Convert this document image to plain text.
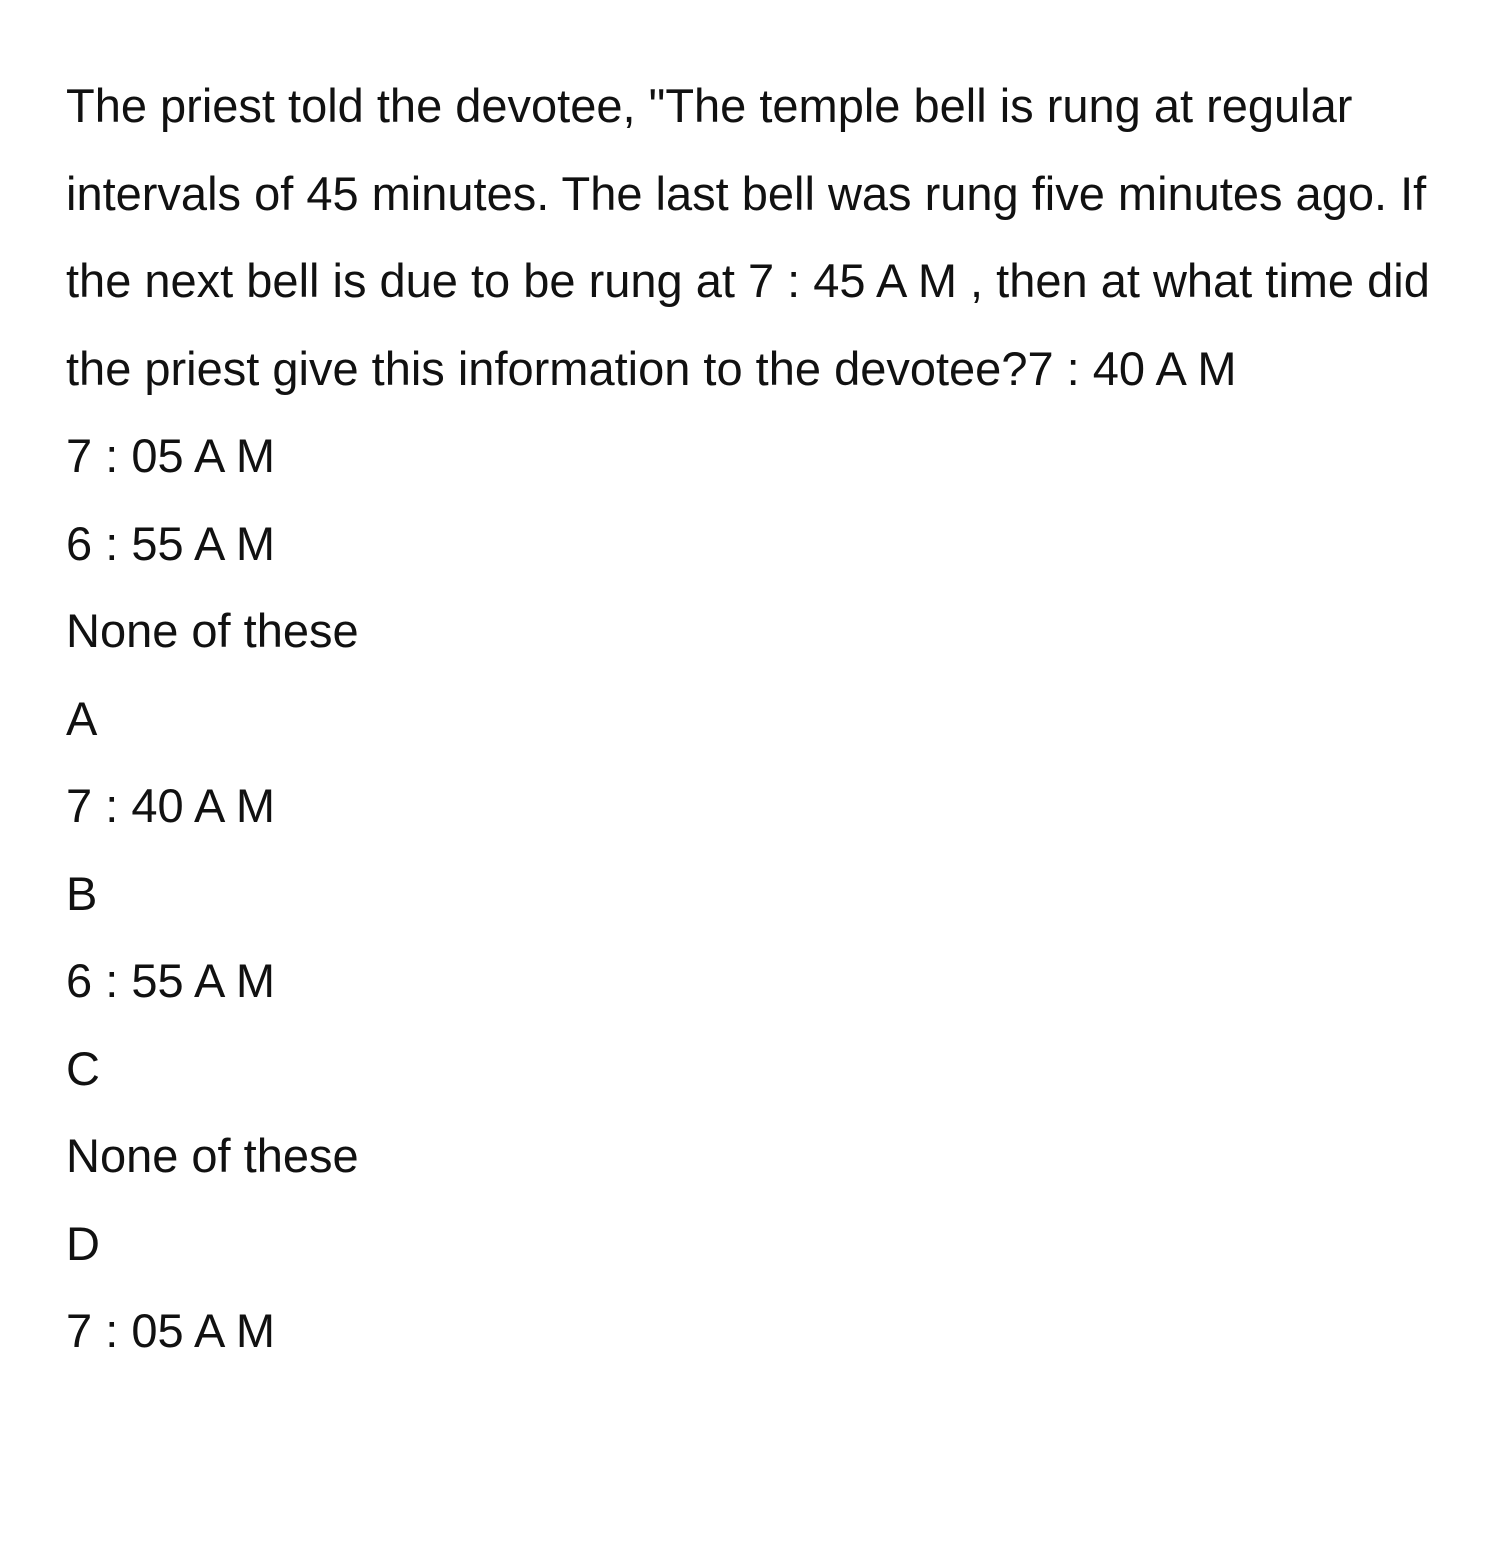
The priest told the devotee, "The temple bell is rung at regular intervals of 45 minutes. The last bell was rung five minutes ago. If the next bell is due to be rung at 7 : 45 A M , then at what time did the priest give this information to the devotee?7 : 40 A M

7 : 05 A M
6 : 55 A M
None of these
A
7 : 40 A M
B
6 : 55 A M
C
None of these
D
7 : 05 A M
